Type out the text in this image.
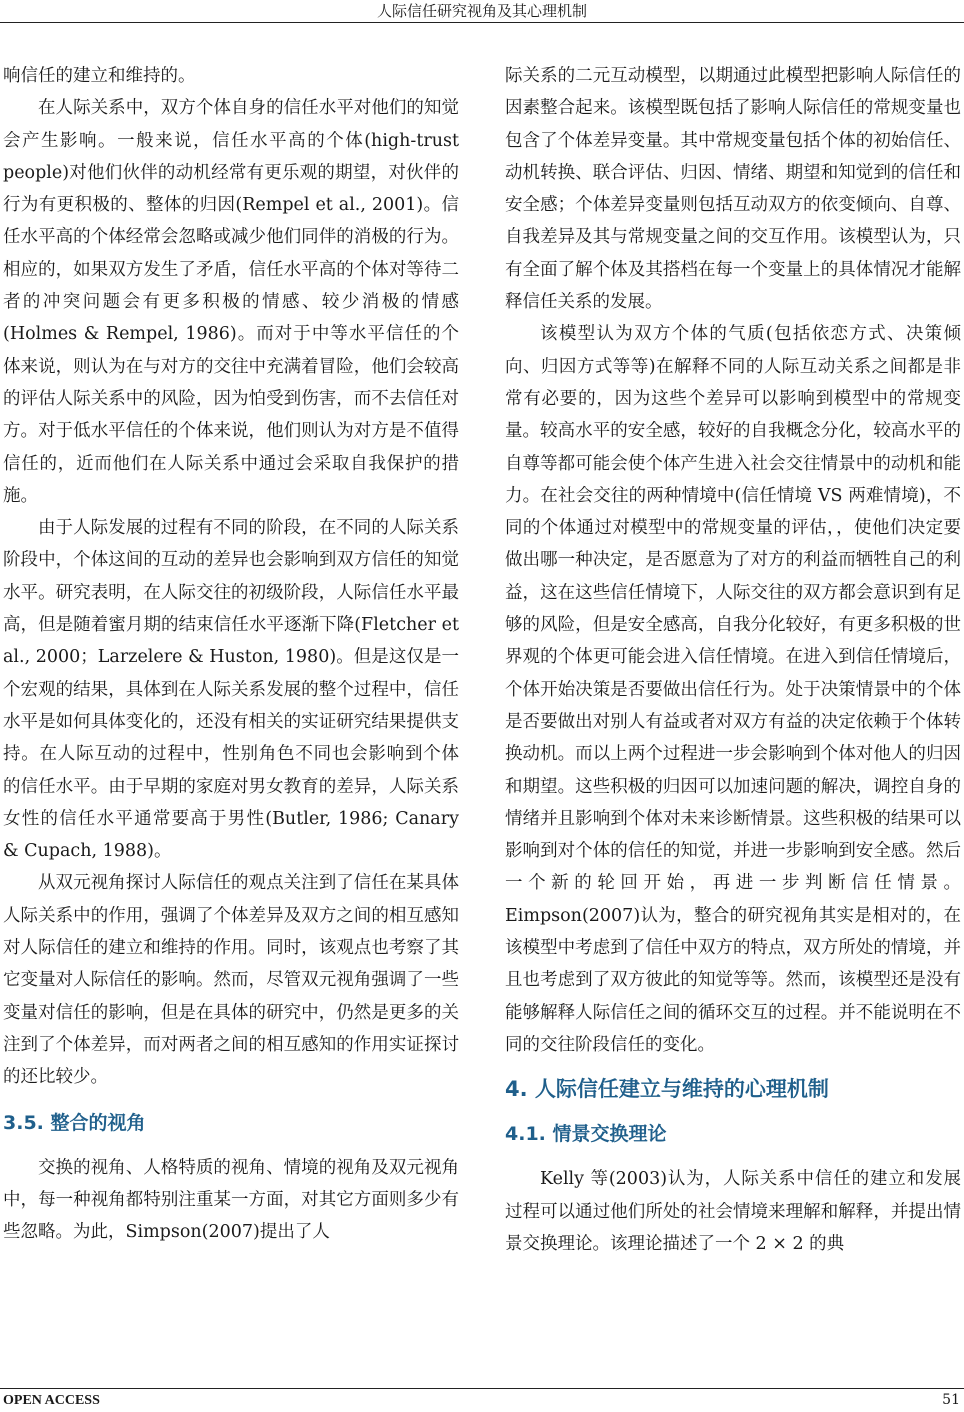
人际信任研究视角及其心理机制

响信任的建立和维持的。

在人际关系中，双方个体自身的信任水平对他们的知觉会产生影响。一般来说，信任水平高的个体(high-trust people)对他们伙伴的动机经常有更乐观的期望，对伙伴的行为有更积极的、整体的归因(Rempel et al., 2001)。信任水平高的个体经常会忽略或减少他们同伴的消极的行为。相应的，如果双方发生了矛盾，信任水平高的个体对等待二者的冲突问题会有更多积极的情感、较少消极的情感(Holmes & Rempel, 1986)。而对于中等水平信任的个体来说，则认为在与对方的交往中充满着冒险，他们会较高的评估人际关系中的风险，因为怕受到伤害，而不去信任对方。对于低水平信任的个体来说，他们则认为对方是不值得信任的，近而他们在人际关系中通过会采取自我保护的措施。

由于人际发展的过程有不同的阶段，在不同的人际关系阶段中，个体这间的互动的差异也会影响到双方信任的知觉水平。研究表明，在人际交往的初级阶段，人际信任水平最高，但是随着蜜月期的结束信任水平逐渐下降(Fletcher et al., 2000；Larzelere & Huston, 1980)。但是这仅是一个宏观的结果，具体到在人际关系发展的整个过程中，信任水平是如何具体变化的，还没有相关的实证研究结果提供支持。在人际互动的过程中，性别角色不同也会影响到个体 的信任水平。由于早期的家庭对男女教育的差异，人际关系女性的信任水平通常要高于男性(Butler, 1986; Canary & Cupach, 1988)。

从双元视角探讨人际信任的观点关注到了信任在某具体人际关系中的作用，强调了个体差异及双方之间的相互感知对人际信任的建立和维持的作用。同时，该观点也考察了其它变量对人际信任的影响。然而，尽管双元视角强调了一些变量对信任的影响，但是在具体的研究中，仍然是更多的关注到了个体差异，而对两者之间的相互感知的作用实证探讨的还比较少。

3.5. 整合的视角

交换的视角、人格特质的视角、情境的视角及双元视角中，每一种视角都特别注重某一方面，对其它方面则多少有些忽略。为此，Simpson(2007)提出了人

际关系的二元互动模型，以期通过此模型把影响人际信任的因素整合起来。该模型既包括了影响人际信任的常规变量也包含了个体差异变量。其中常规变量包括个体的初始信任、动机转换、联合评估、归因、情绪、期望和知觉到的信任和安全感；个体差异变量则包括互动双方的依变倾向、自尊、自我差异及其与常规变量之间的交互作用。该模型认为，只有全面了解个体及其搭档在每一个变量上的具体情况才能解释信任关系的发展。

该模型认为双方个体的气质(包括依恋方式、决策倾向、归因方式等等)在解释不同的人际互动关系之间都是非常有必要的，因为这些个差异可以影响到模型中的常规变量。较高水平的安全感，较好的自我概念分化，较高水平的自尊等都可能会使个体产生进入社会交往情景中的动机和能力。在社会交往的两种情境中(信任情境 VS 两难情境)，不同的个体通过对模型中的常规变量的评估，，使他们决定要做出哪一种决定，是否愿意为了对方的利益而牺牲自己的利益，这在这些信任情境下，人际交往的双方都会意识到有足够的风险，但是安全感高，自我分化较好，有更多积极的世界观的个体更可能会进入信任情境。在进入到信任情境后，个体开始决策是否要做出信任行为。处于决策情景中的个体是否要做出对别人有益或者对双方有益的决定依赖于个体转换动机。而以上两个过程进一步会影响到个体对他人的归因和期望。这些积极的归因可以加速问题的解决，调控自身的情绪并且影响到个体对未来诊断情景。这些积极的结果可以影响到对个体的信任的知觉，并进一步影响到安全感。然后一个新的轮回开始，再进一步判断信任情景。Eimpson(2007)认为，整合的研究视角其实是相对的，在该模型中考虑到了信任中双方的特点，双方所处的情境，并且也考虑到了双方彼此的知觉等等。然而，该模型还是没有能够解释人际信任之间的循环交互的过程。并不能说明在不同的交往阶段信任的变化。

4. 人际信任建立与维持的心理机制
4.1. 情景交换理论

Kelly 等(2003)认为，人际关系中信任的建立和发展过程可以通过他们所处的社会情境来理解和解释，并提出情景交换理论。该理论描述了一个 2 × 2 的典

OPEN ACCESS	51
